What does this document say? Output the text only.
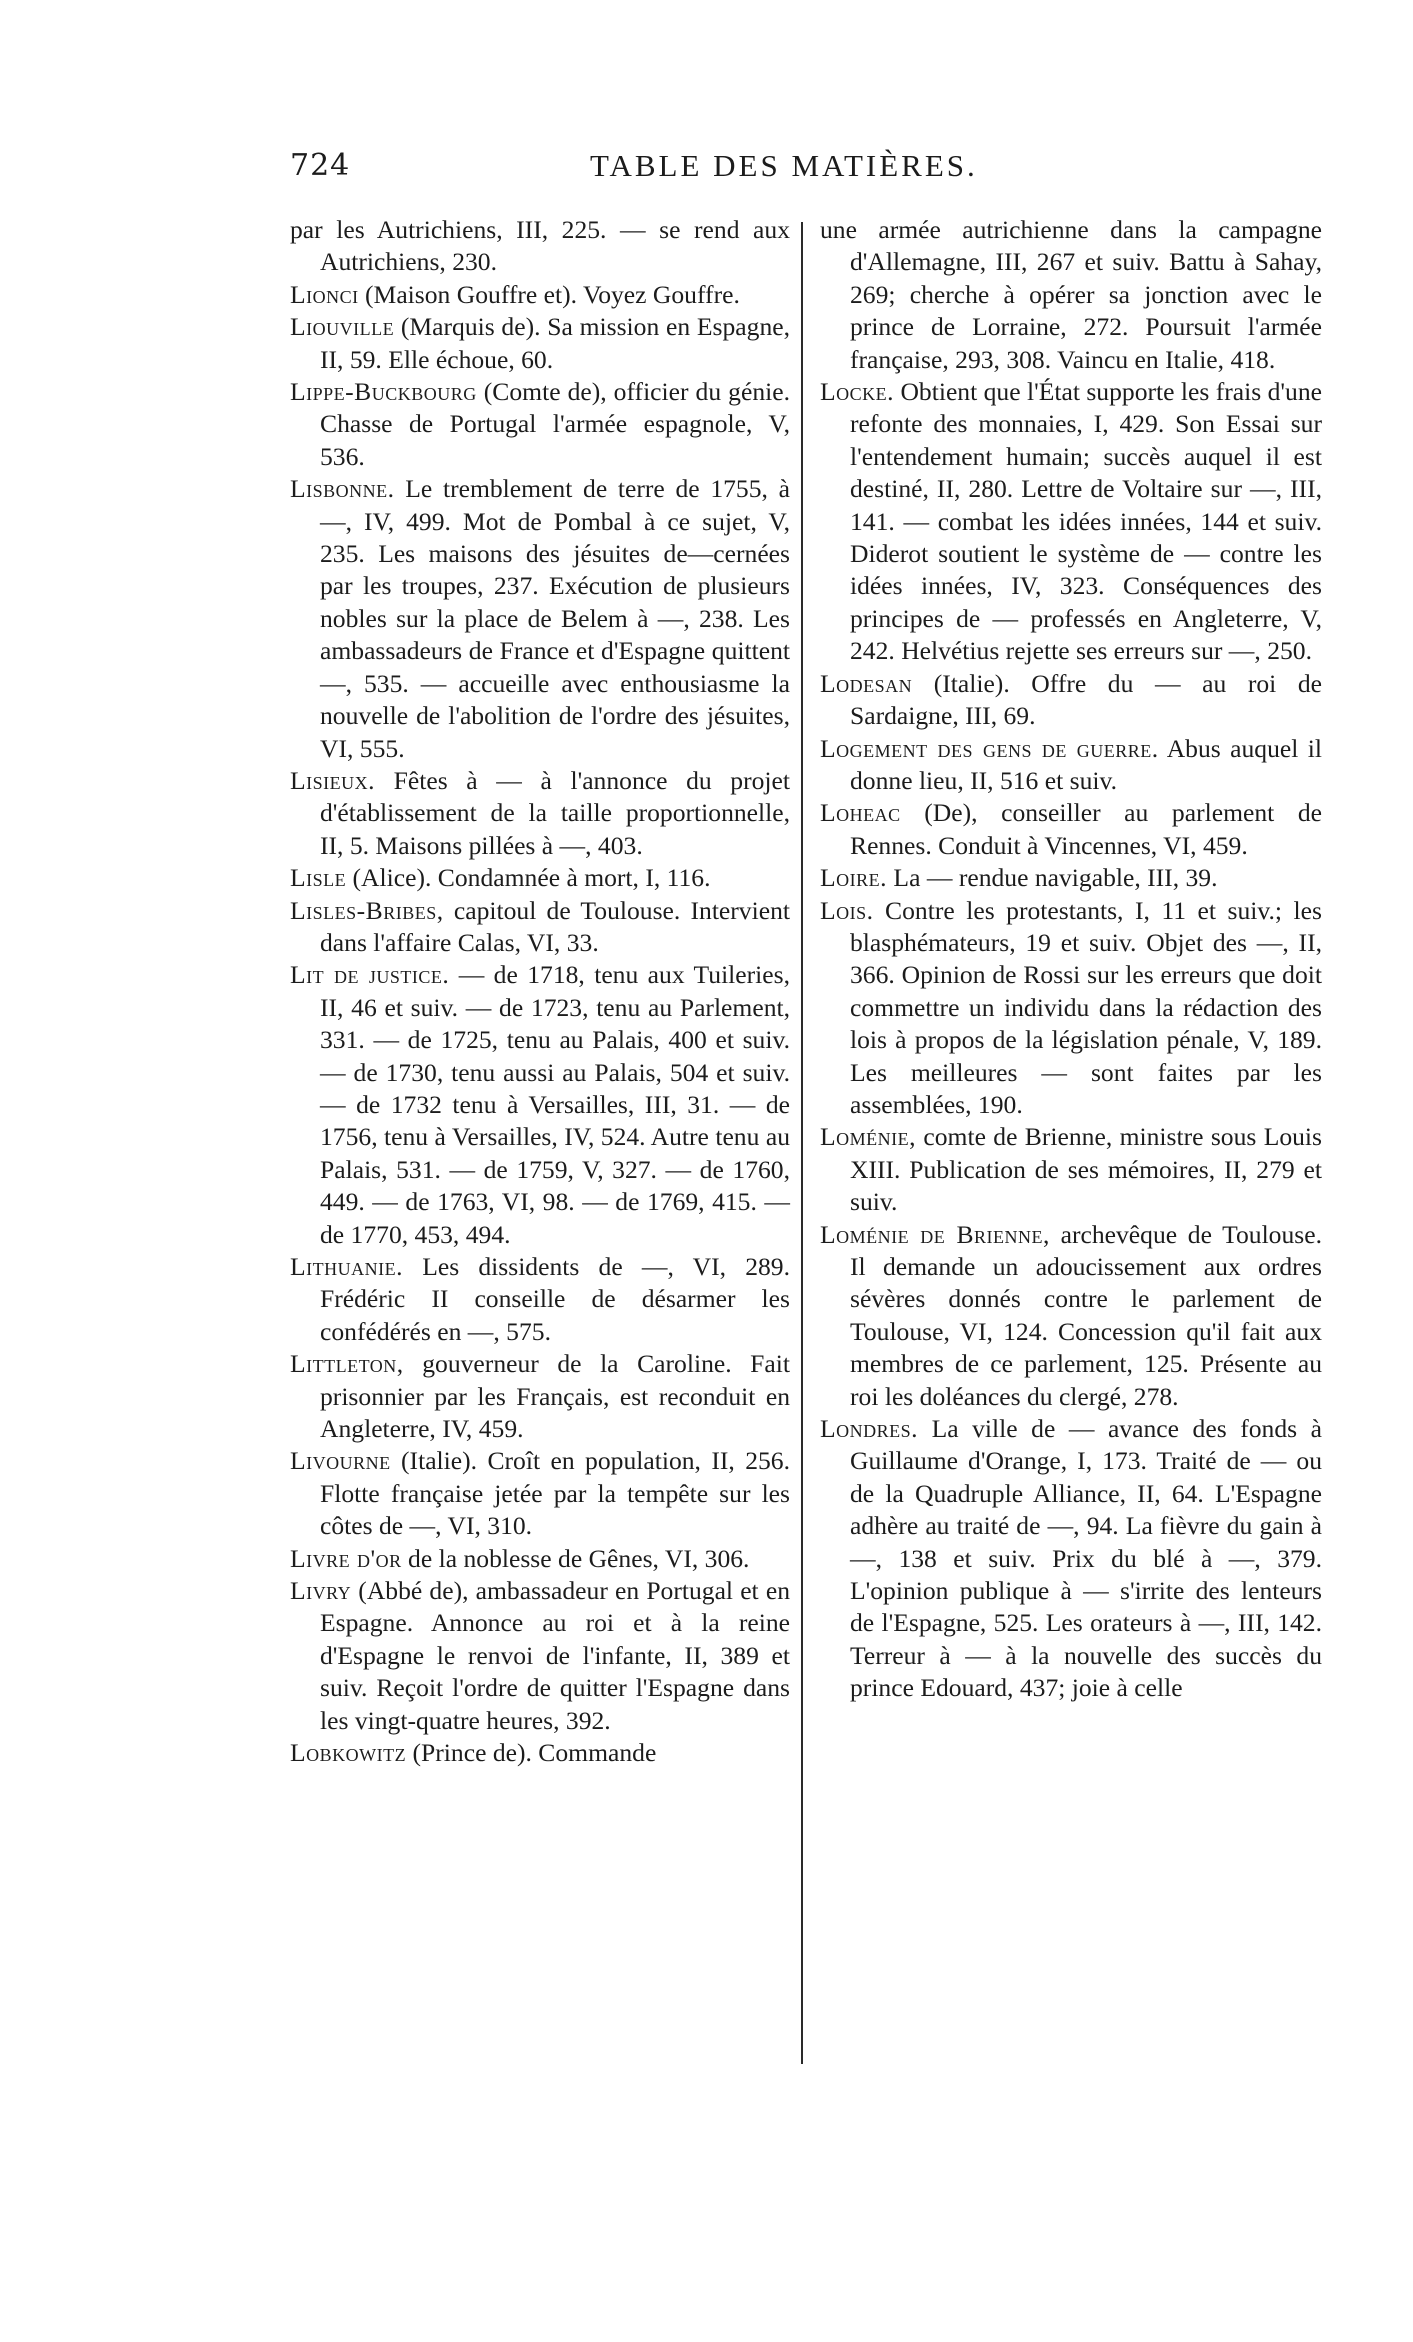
724	TABLE DES MATIÈRES.

par les Autrichiens, III, 225. — se rend aux Autrichiens, 230.

Lionci (Maison Gouffre et). Voyez Gouffre.

Liouville (Marquis de). Sa mission en Espagne, II, 59. Elle échoue, 60.

Lippe-Buckbourg (Comte de), officier du génie. Chasse de Portugal l'armée espagnole, V, 536.

Lisbonne. Le tremblement de terre de 1755, à—, IV, 499. Mot de Pombal à ce sujet, V, 235. Les maisons des jésuites de—cernées par les troupes, 237. Exécution de plusieurs nobles sur la place de Belem à —, 238. Les ambassadeurs de France et d'Espagne quittent —, 535. — accueille avec enthousiasme la nouvelle de l'abolition de l'ordre des jésuites, VI, 555.

Lisieux. Fêtes à — à l'annonce du projet d'établissement de la taille proportionnelle, II, 5. Maisons pillées à —, 403.

Lisle (Alice). Condamnée à mort, I, 116.

Lisles-Bribes, capitoul de Toulouse. Intervient dans l'affaire Calas, VI, 33.

Lit de justice. — de 1718, tenu aux Tuileries, II, 46 et suiv. — de 1723, tenu au Parlement, 331. — de 1725, tenu au Palais, 400 et suiv. — de 1730, tenu aussi au Palais, 504 et suiv. — de 1732 tenu à Versailles, III, 31. — de 1756, tenu à Versailles, IV, 524. Autre tenu au Palais, 531. — de 1759, V, 327. — de 1760, 449. — de 1763, VI, 98. — de 1769, 415. — de 1770, 453, 494.

Lithuanie. Les dissidents de —, VI, 289. Frédéric II conseille de désarmer les confédérés en —, 575.

Littleton, gouverneur de la Caroline. Fait prisonnier par les Français, est reconduit en Angleterre, IV, 459.

Livourne (Italie). Croît en population, II, 256. Flotte française jetée par la tempête sur les côtes de —, VI, 310.

Livre d'or de la noblesse de Gênes, VI, 306.

Livry (Abbé de), ambassadeur en Portugal et en Espagne. Annonce au roi et à la reine d'Espagne le renvoi de l'infante, II, 389 et suiv. Reçoit l'ordre de quitter l'Espagne dans les vingt-quatre heures, 392.

Lobkowitz (Prince de). Commande

une armée autrichienne dans la campagne d'Allemagne, III, 267 et suiv. Battu à Sahay, 269; cherche à opérer sa jonction avec le prince de Lorraine, 272. Poursuit l'armée française, 293, 308. Vaincu en Italie, 418.

Locke. Obtient que l'État supporte les frais d'une refonte des monnaies, I, 429. Son Essai sur l'entendement humain; succès auquel il est destiné, II, 280. Lettre de Voltaire sur —, III, 141. — combat les idées innées, 144 et suiv. Diderot soutient le système de — contre les idées innées, IV, 323. Conséquences des principes de — professés en Angleterre, V, 242. Helvétius rejette ses erreurs sur —, 250.

Lodesan (Italie). Offre du — au roi de Sardaigne, III, 69.

Logement des gens de guerre. Abus auquel il donne lieu, II, 516 et suiv.

Loheac (De), conseiller au parlement de Rennes. Conduit à Vincennes, VI, 459.

Loire. La — rendue navigable, III, 39.

Lois. Contre les protestants, I, 11 et suiv.; les blasphémateurs, 19 et suiv. Objet des —, II, 366. Opinion de Rossi sur les erreurs que doit commettre un individu dans la rédaction des lois à propos de la législation pénale, V, 189. Les meilleures — sont faites par les assemblées, 190.

Loménie, comte de Brienne, ministre sous Louis XIII. Publication de ses mémoires, II, 279 et suiv.

Loménie de Brienne, archevêque de Toulouse. Il demande un adoucissement aux ordres sévères donnés contre le parlement de Toulouse, VI, 124. Concession qu'il fait aux membres de ce parlement, 125. Présente au roi les doléances du clergé, 278.

Londres. La ville de — avance des fonds à Guillaume d'Orange, I, 173. Traité de — ou de la Quadruple Alliance, II, 64. L'Espagne adhère au traité de —, 94. La fièvre du gain à —, 138 et suiv. Prix du blé à —, 379. L'opinion publique à — s'irrite des lenteurs de l'Espagne, 525. Les orateurs à —, III, 142. Terreur à — à la nouvelle des succès du prince Edouard, 437; joie à celle
